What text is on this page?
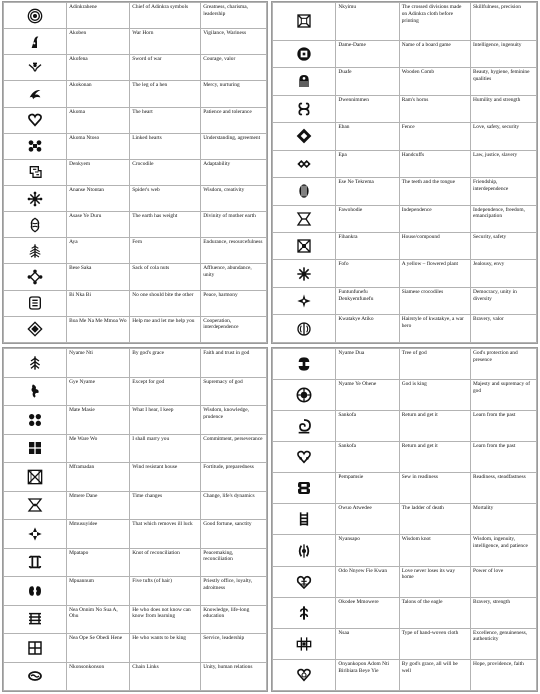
	Adinkrahene	Chief of Adinkra symbols	Greatness, charisma, leadership

	Akoben	War Horn	Vigilance, Wariness

	Akofena	Sword of war	Courage, valor

	Akokonan	The leg of a hen	Mercy, nurturing

	Akoma	The heart	Patience and tolerance

	Akoma Ntoso	Linked hearts	Understanding, agreement

	Denkyem	Crocodile	Adaptability

	Ananse Ntontan	Spider's web	Wisdom, creativity

	Asase Ye Duru	The earth has weight	Divinity of mother earth

	Aya	Fern	Endurance, resourcefulness

	Bese Saka	Sack of cola nuts	Affluence, abundance, unity

	Bi Nka Bi	No one should bite the other	Peace, harmony

	Boa Me Na Me Mmoa Wo	Help me and let me help you	Cooperation, interdependence
	Nkyimu	The crossed divisions made on Adinkra cloth before printing	Skillfulness, precision

	Dame-Dame	Name of a board game	Intelligence, ingenuity

	Duafe	Wooden Comb	Beauty, hygiene, feminine qualities

	Dwennimmen	Ram's horns	Humility and strength

	Eban	Fence	Love, safety, security

	Epa	Handcuffs	Law, justice, slavery

	Ese Ne Tekrema	The teeth and the tongue	Friendship, interdependence

	Fawohodie	Independence	Independence, freedom, emancipation

	Fihankra	House/compound	Security, safety

	Fofo	A yellow – flowered plant	Jealousy, envy

	Funtunfunefu Denkyemfunefu	Siamese crocodiles	Democracy, unity in diversity

	Kwatakye Atiko	Hairstyle of kwatakye, a war hero	Bravery, valor
	Nyame Nti	By god's grace	Faith and trust in god

	Gye Nyame	Except for god	Supremacy of god

	Mate Masie	What I hear, I keep	Wisdom, knowledge, prudence

	Me Ware Wo	I shall marry you	Commitment, perseverance

	Mframadan	Wind resistant house	Fortitude, preparedness

	Mmere Dane	Time changes	Change, life's dynamics

	Mmusuyidee	That which removes ill luck	Good fortune, sanctity

	Mpatapo	Knot of reconciliation	Peacemaking, reconciliation

	Mpuannum	Five tufts (of hair)	Priestly office, loyalty, adroitness

	Nea Onnim No Sua A, Ohu	He who does not know can know from learning	Knowledge, life-long education

	Nea Ope Se Obedi Hene	He who wants to be king	Service, leadership

	Nkonsonkonson	Chain Links	Unity, human relations
	Nyame Dua	Tree of god	God's protection and presence

	Nyame Ye Ohene	God is king	Majesty and supremacy of god

	Sankofa	Return and get it	Learn from the past

	Sankofa	Return and get it	Learn from the past

	Pempamsie	Sew in readiness	Readiness, steadfastness

	Owuo Atwedee	The ladder of death	Mortality

	Nyansapo	Wisdom knot	Wisdom, ingenuity, intelligence, and patience

	Odo Nnyew Fie Kwan	Love never loses its way home	Power of love

	Okodee Mmowere	Talons of the eagle	Bravery, strength

	Nsaa	Type of hand-woven cloth	Excellence, genuineness, authenticity

	Onyankopon Adom Nti Biribiara Beye Yie	By god's grace, all will be well	Hope, providence, faith
